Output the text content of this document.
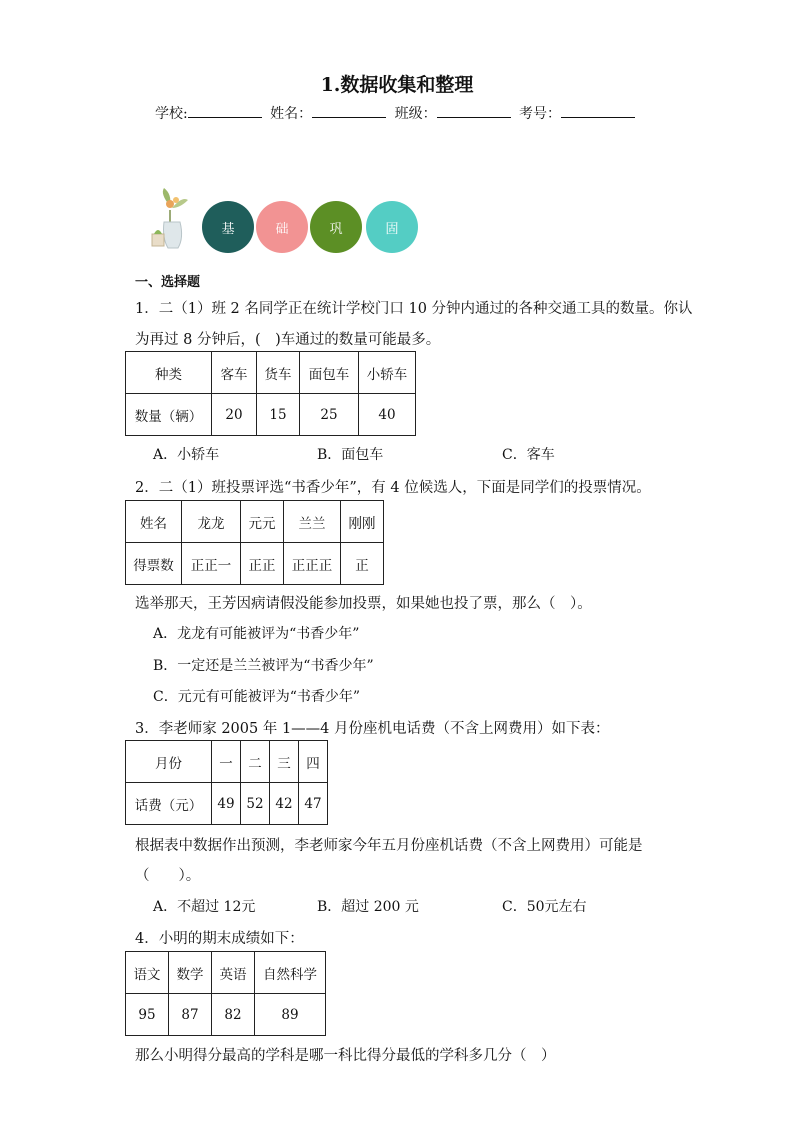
1.数据收集和整理
学校:	姓名：	班级：	考号：
基	础	巩	固
一、选择题
1．二（1）班 2 名同学正在统计学校门口 10 分钟内通过的各种交通工具的数量。你认
为再过 8 分钟后，(　)车通过的数量可能最多。
种类	客车	货车	面包车	小轿车
数量（辆）	20	15	25	40
A．小轿车	B．面包车	C．客车
2．二（1）班投票评选“书香少年”，有 4 位候选人，下面是同学们的投票情况。
姓名	龙龙	元元	兰兰	刚刚
得票数	正正一	正正	正正正	正
选举那天，王芳因病请假没能参加投票，如果她也投了票，那么（　）。
A．龙龙有可能被评为“书香少年”
B．一定还是兰兰被评为“书香少年”
C．元元有可能被评为“书香少年”
3．李老师家 2005 年 1——4 月份座机电话费（不含上网费用）如下表：
月份	一	二	三	四
话费（元）	49	52	42	47
根据表中数据作出预测，李老师家今年五月份座机话费（不含上网费用）可能是
（　　）。
A．不超过 12元	B．超过 200 元	C．50元左右
4．小明的期末成绩如下：
语文	数学	英语	自然科学
95	87	82	89
那么小明得分最高的学科是哪一科比得分最低的学科多几分（　）
